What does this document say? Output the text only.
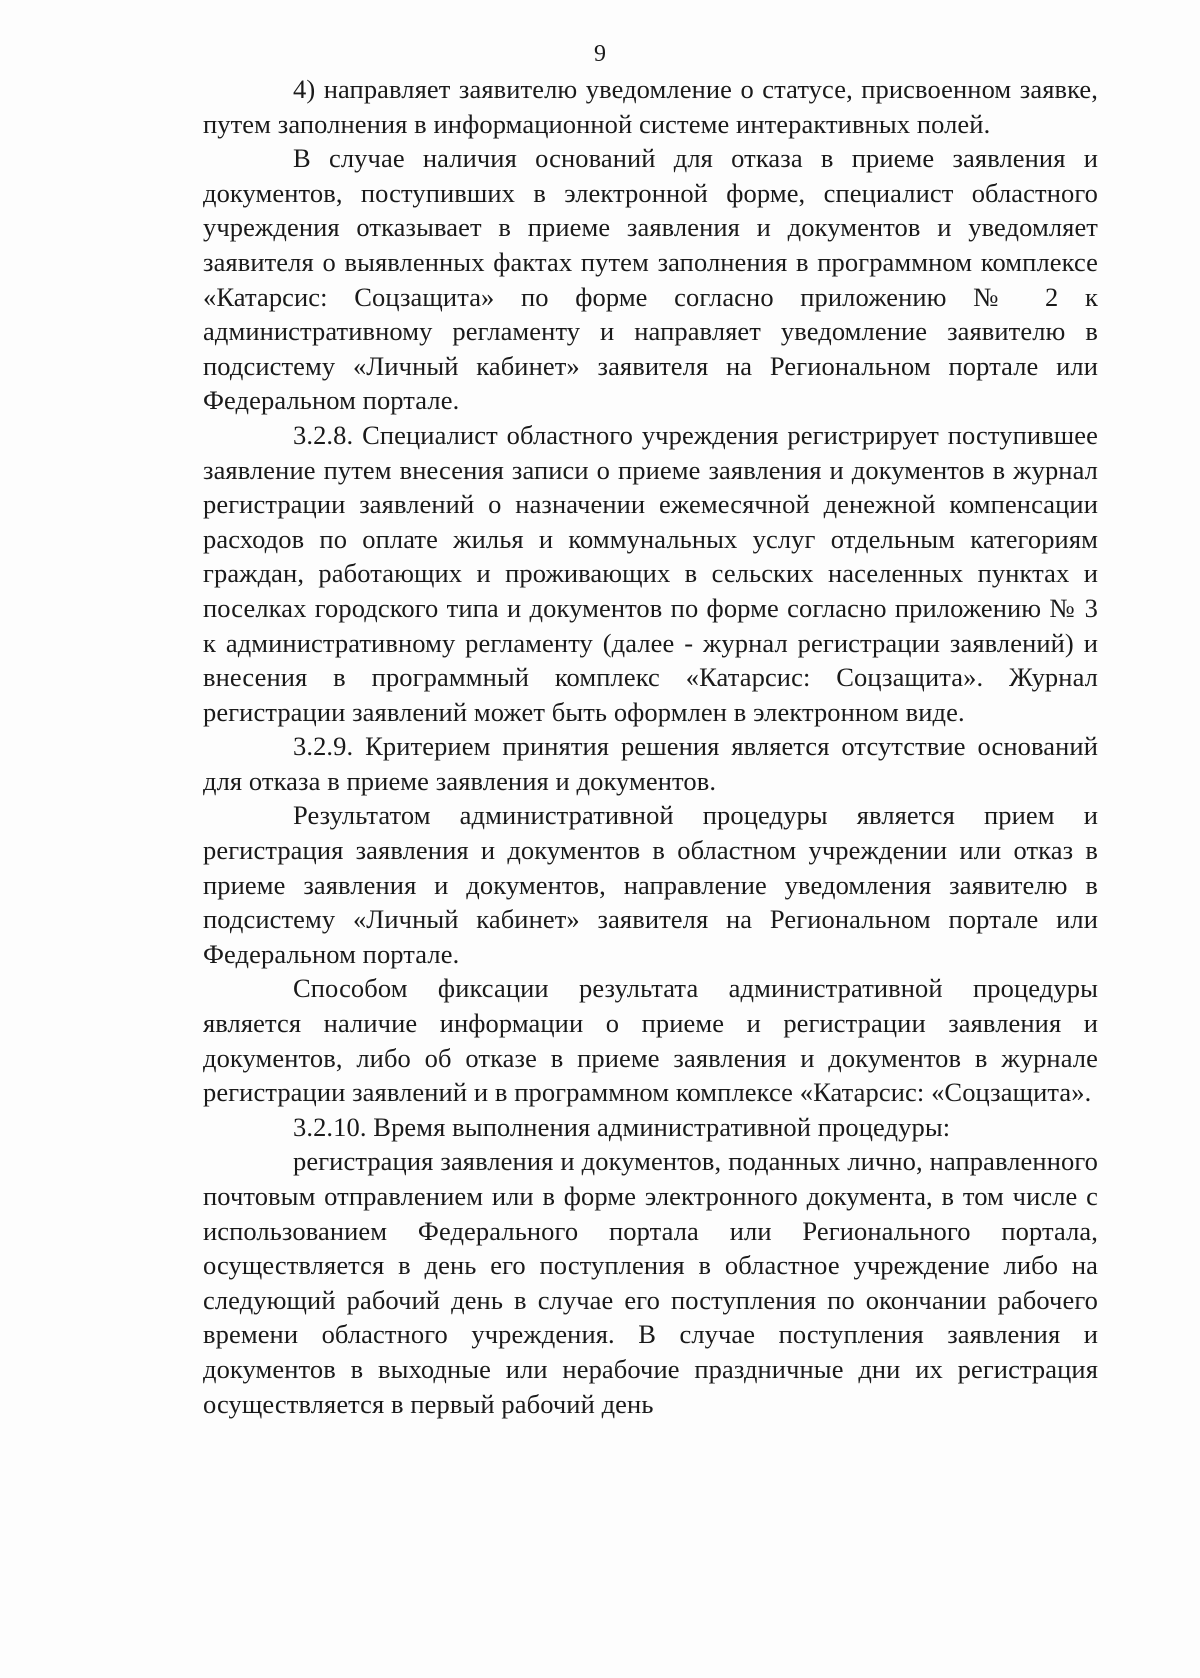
9

4) направляет заявителю уведомление о статусе, присвоенном заявке, путем заполнения в информационной системе интерактивных полей.

В случае наличия оснований для отказа в приеме заявления и документов, поступивших в электронной форме, специалист областного учреждения отказывает в приеме заявления и документов и уведомляет заявителя о выявленных фактах путем заполнения в программном комплексе «Катарсис: Соцзащита» по форме согласно приложению № 2 к административному регламенту и направляет уведомление заявителю в подсистему «Личный кабинет» заявителя на Региональном портале или Федеральном портале.

3.2.8. Специалист областного учреждения регистрирует поступившее заявление путем внесения записи о приеме заявления и документов в журнал регистрации заявлений о назначении ежемесячной денежной компенсации расходов по оплате жилья и коммунальных услуг отдельным категориям граждан, работающих и проживающих в сельских населенных пунктах и поселках городского типа и документов по форме согласно приложению № 3 к административному регламенту (далее - журнал регистрации заявлений) и внесения в программный комплекс «Катарсис: Соцзащита». Журнал регистрации заявлений может быть оформлен в электронном виде.

3.2.9. Критерием принятия решения является отсутствие оснований для отказа в приеме заявления и документов.

Результатом административной процедуры является прием и регистрация заявления и документов в областном учреждении или отказ в приеме заявления и документов, направление уведомления заявителю в подсистему «Личный кабинет» заявителя на Региональном портале или Федеральном портале.

Способом фиксации результата административной процедуры является наличие информации о приеме и регистрации заявления и документов, либо об отказе в приеме заявления и документов в журнале регистрации заявлений и в программном комплексе «Катарсис: «Соцзащита».

3.2.10. Время выполнения административной процедуры:

регистрация заявления и документов, поданных лично, направленного почтовым отправлением или в форме электронного документа, в том числе с использованием Федерального портала или Регионального портала, осуществляется в день его поступления в областное учреждение либо на следующий рабочий день в случае его поступления по окончании рабочего времени областного учреждения. В случае поступления заявления и документов в выходные или нерабочие праздничные дни их регистрация осуществляется в первый рабочий день
